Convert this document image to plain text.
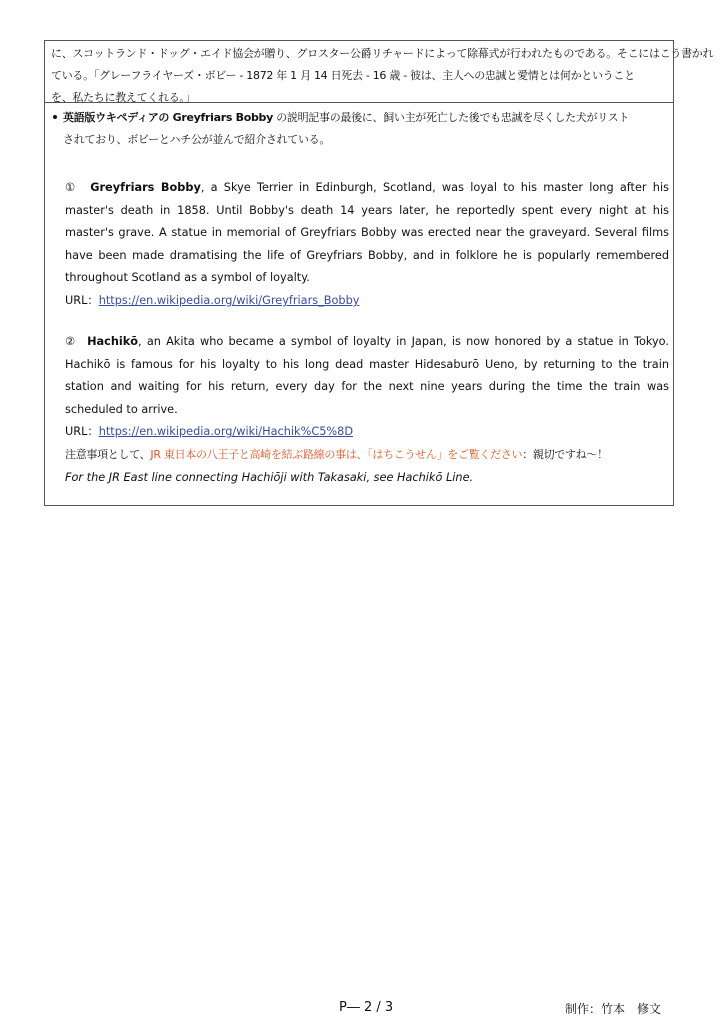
に、スコットランド・ドッグ・エイド協会が贈り、グロスター公爵リチャードによって除幕式が行われたものである。そこにはこう書かれ

ている。「グレーフライヤーズ・ボビー ‐ 1872 年 1 月 14 日死去 ‐ 16 歳 ‐ 彼は、主人への忠誠と愛情とは何かということ

を、私たちに教えてくれる。」

英語版ウキペディアの Greyfriars Bobby の説明記事の最後に、飼い主が死亡した後でも忠誠を尽くした犬がリスト
されており、ボビーとハチ公が並んで紹介されている。

① Greyfriars Bobby, a Skye Terrier in Edinburgh, Scotland, was loyal to his master long after his master's death in 1858. Until Bobby's death 14 years later, he reportedly spent every night at his master's grave. A statue in memorial of Greyfriars Bobby was erected near the graveyard. Several films have been made dramatising the life of Greyfriars Bobby, and in folklore he is popularly remembered throughout Scotland as a symbol of loyalty.

URL：https://en.wikipedia.org/wiki/Greyfriars_Bobby

② Hachikō, an Akita who became a symbol of loyalty in Japan, is now honored by a statue in Tokyo. Hachikō is famous for his loyalty to his long dead master Hidesaburō Ueno, by returning to the train station and waiting for his return, every day for the next nine years during the time the train was scheduled to arrive.

URL：https://en.wikipedia.org/wiki/Hachik%C5%8D
注意事項として、JR 東日本の八王子と高崎を結ぶ路線の事は、「はちこうせん」をご覧ください：親切ですね～！
For the JR East line connecting Hachiōji with Takasaki, see Hachikō Line.
P― 2 / 3	制作：竹本　修文
